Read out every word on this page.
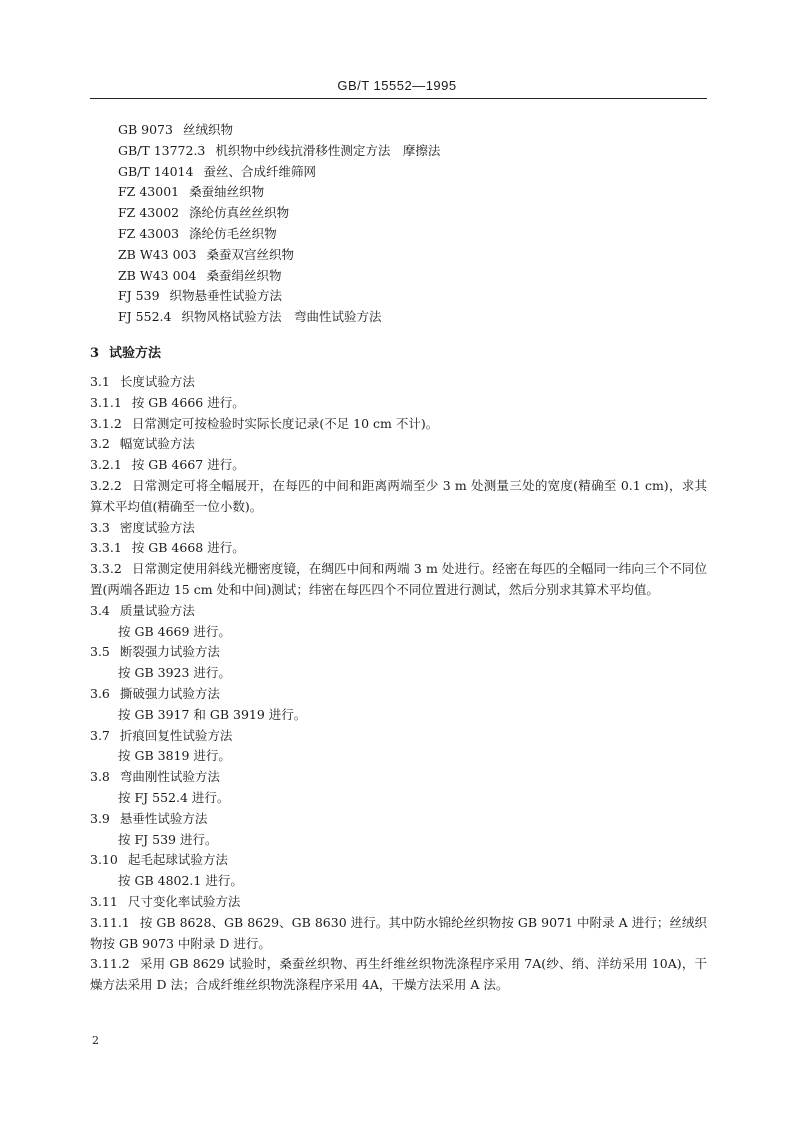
GB/T 15552—1995
GB 9073 丝绒织物
GB/T 13772.3 机织物中纱线抗滑移性测定方法　摩擦法
GB/T 14014 蚕丝、合成纤维筛网
FZ 43001 桑蚕䌷丝织物
FZ 43002 涤纶仿真丝丝织物
FZ 43003 涤纶仿毛丝织物
ZB W43 003 桑蚕双宫丝织物
ZB W43 004 桑蚕绢丝织物
FJ 539 织物悬垂性试验方法
FJ 552.4 织物风格试验方法　弯曲性试验方法
3 试验方法
3.1 长度试验方法
3.1.1 按 GB 4666 进行。
3.1.2 日常测定可按检验时实际长度记录(不足 10 cm 不计)。
3.2 幅宽试验方法
3.2.1 按 GB 4667 进行。
3.2.2 日常测定可将全幅展开，在每匹的中间和距离两端至少 3 m 处测量三处的宽度(精确至 0.1 cm)，求其算术平均值(精确至一位小数)。
3.3 密度试验方法
3.3.1 按 GB 4668 进行。
3.3.2 日常测定使用斜线光栅密度镜，在绸匹中间和两端 3 m 处进行。经密在每匹的全幅同一纬向三个不同位置(两端各距边 15 cm 处和中间)测试；纬密在每匹四个不同位置进行测试，然后分别求其算术平均值。
3.4 质量试验方法
按 GB 4669 进行。
3.5 断裂强力试验方法
按 GB 3923 进行。
3.6 撕破强力试验方法
按 GB 3917 和 GB 3919 进行。
3.7 折痕回复性试验方法
按 GB 3819 进行。
3.8 弯曲刚性试验方法
按 FJ 552.4 进行。
3.9 悬垂性试验方法
按 FJ 539 进行。
3.10 起毛起球试验方法
按 GB 4802.1 进行。
3.11 尺寸变化率试验方法
3.11.1 按 GB 8628、GB 8629、GB 8630 进行。其中防水锦纶丝织物按 GB 9071 中附录 A 进行；丝绒织物按 GB 9073 中附录 D 进行。
3.11.2 采用 GB 8629 试验时，桑蚕丝织物、再生纤维丝织物洗涤程序采用 7A(纱、绡、洋纺采用 10A)，干燥方法采用 D 法；合成纤维丝织物洗涤程序采用 4A，干燥方法采用 A 法。
2
